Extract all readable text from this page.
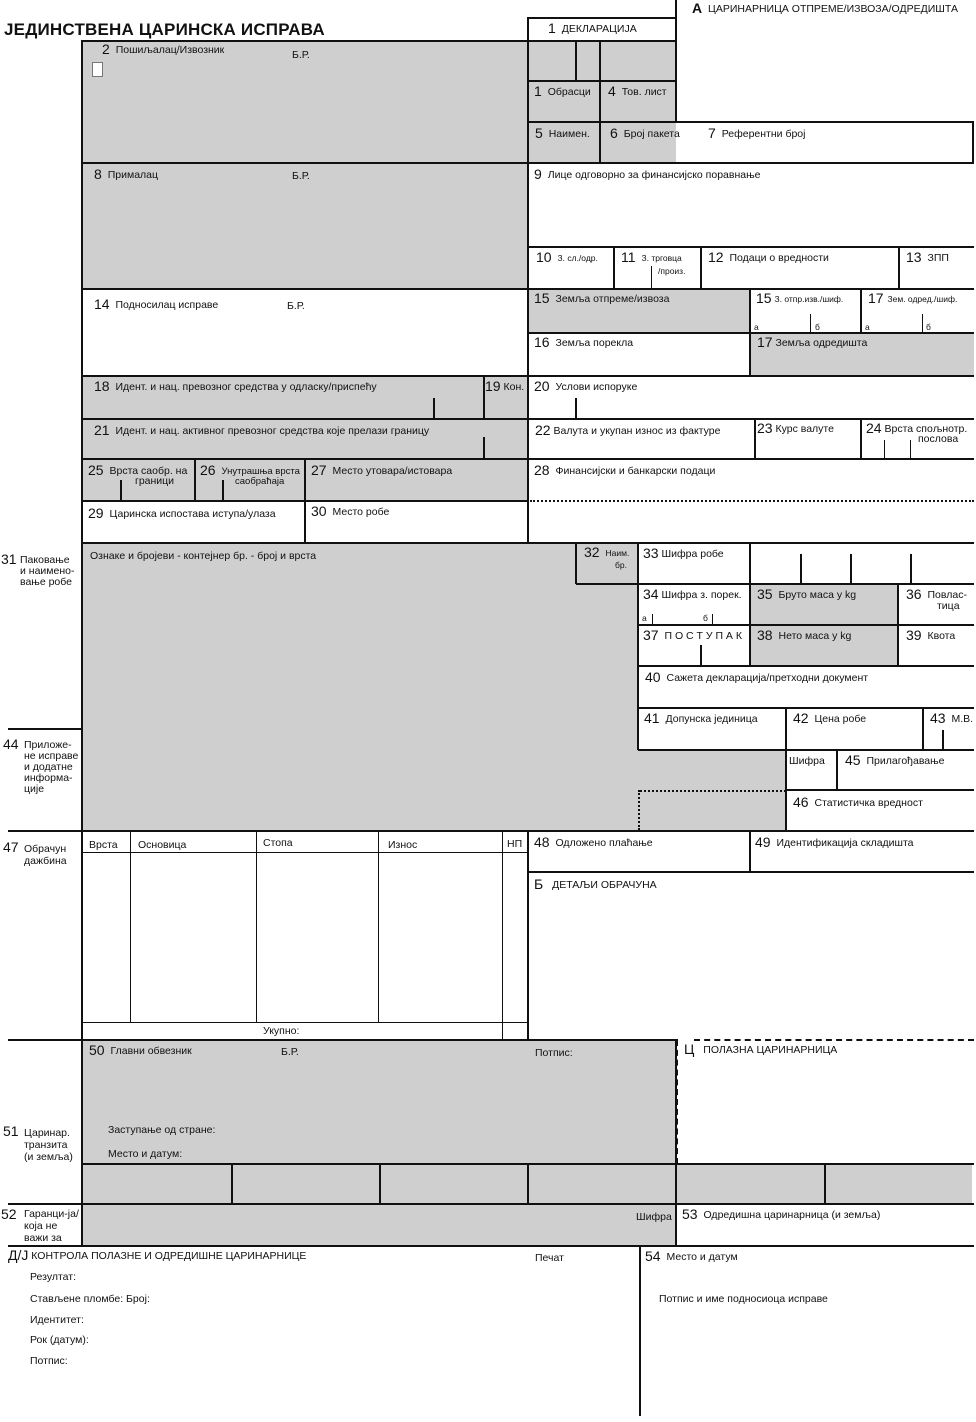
ЈЕДИНСТВЕНА ЦАРИНСКА ИСПРАВА
A ЦАРИНАРНИЦА ОТПРЕМЕ/ИЗВОЗА/ОДРЕДИШТА
1 ДЕКЛАРАЦИЈА
2 Пошиљалац/Извозник	Б.Р.
1 Обрасци 4 Тов. лист
5 Наимен. 6 Број пакета 7 Референтни број
8 Прималац	Б.Р.	9 Лице одговорно за финансијско поравнање
10 З. сл./одр. 11 З. трговца
/произ.
12 Подаци о вредности	13 ЗПП
14 Подносилац исправе	Б.Р.	15 Земља отпреме/извоза	15 З. отпр.изв./шиф. 17 Зем. одред./шиф.
а	б	а	б
16 Земља порекла	17 Земља одредишта
18 Идент. и нац. превозног средства у одласку/приспећу	19 Кон. 20 Услови испоруке
21 Идент. и нац. активног превозног средства које прелази границу	22 Валута и укупан износ из фактуре	23 Курс валуте 24 Врста спољнотр.
послова
25 Врста саобр. на
граници
26 Унутрашња врста
саобраћаја
27 Место утовара/истовара	28 Финансијски и банкарски подаци
29 Царинска испостава иступа/улаза	30 Место робе
31 Паковање и наимено-вање робе
Ознаке и бројеви - контејнер бр. - број и врста	32 Наим.
бр.
33 Шифра робе
34 Шифра з. порек.
а	б
35 Бруто маса у kg	36 Повлас-
тица
37 П О С Т У П А К 38 Нето маса у kg	39 Квота
40 Сажета декларација/претходни документ
41 Допунска јединица	42 Цена робе	43 М.В.
44 Приложе-не исправе и додатне информа-ције
Шифра 45 Прилагођавање
46 Статистичка вредност
47 Обрачун дажбина
Врста Основица	Стопа	Износ	НП
Укупно:
48 Одложено плаћање	49 Идентификација складишта
Б ДЕТАЉИ ОБРАЧУНА
50 Главни обвезник	Б.Р.	Потпис:
Заступање од стране:
Место и датум:
Ц ПОЛАЗНА ЦАРИНАРНИЦА
51 Царинар. транзита (и земља)
52 Гаранци-ја/која не важи за
Шифра 53 Одредишна царинарница (и земља)
Д/Ј КОНТРОЛА ПОЛАЗНЕ И ОДРЕДИШНЕ ЦАРИНАРНИЦЕ	Печат
Резултат:
Стављене пломбе: Број:
Идентитет:
Рок (датум):
Потпис:
54 Место и датум
Потпис и име подносиоца исправе
